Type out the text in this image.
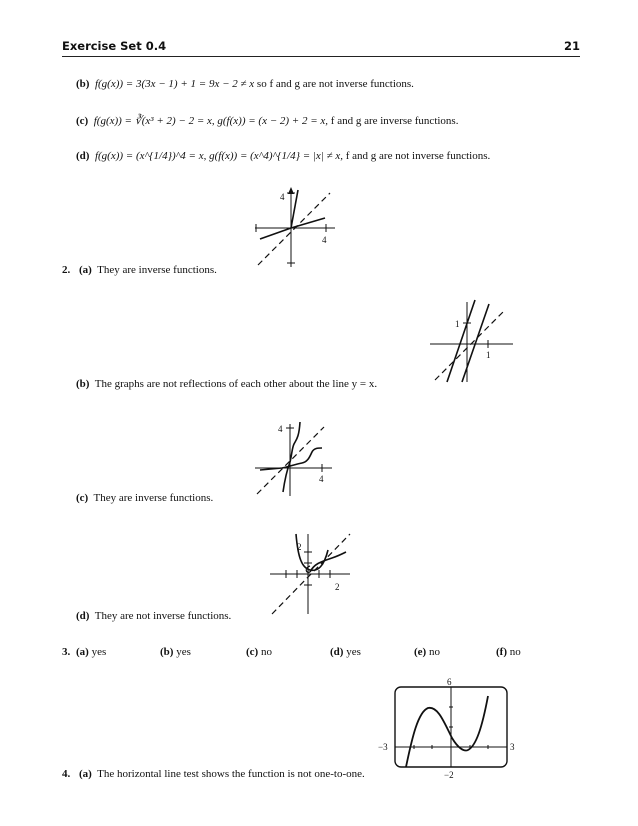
Exercise Set 0.4	21
(b) f(g(x)) = 3(3x − 1) + 1 = 9x − 2 ≠ x so f and g are not inverse functions.
(c) f(g(x)) = ∛(x³ + 2) − 2 = x, g(f(x)) = (x − 2) + 2 = x, f and g are inverse functions.
(d) f(g(x)) = (x^{1/4})^4 = x, g(f(x)) = (x^4)^{1/4} = |x| ≠ x, f and g are not inverse functions.
4
4
2. (a) They are inverse functions.
1
1
(b) The graphs are not reflections of each other about the line y = x.
4
4
(c) They are inverse functions.
2
2
(d) They are not inverse functions.
3. (a) yes	(b) yes	(c) no	(d) yes	(e) no	(f) no
6
−2
−3	3
4. (a) The horizontal line test shows the function is not one-to-one.
